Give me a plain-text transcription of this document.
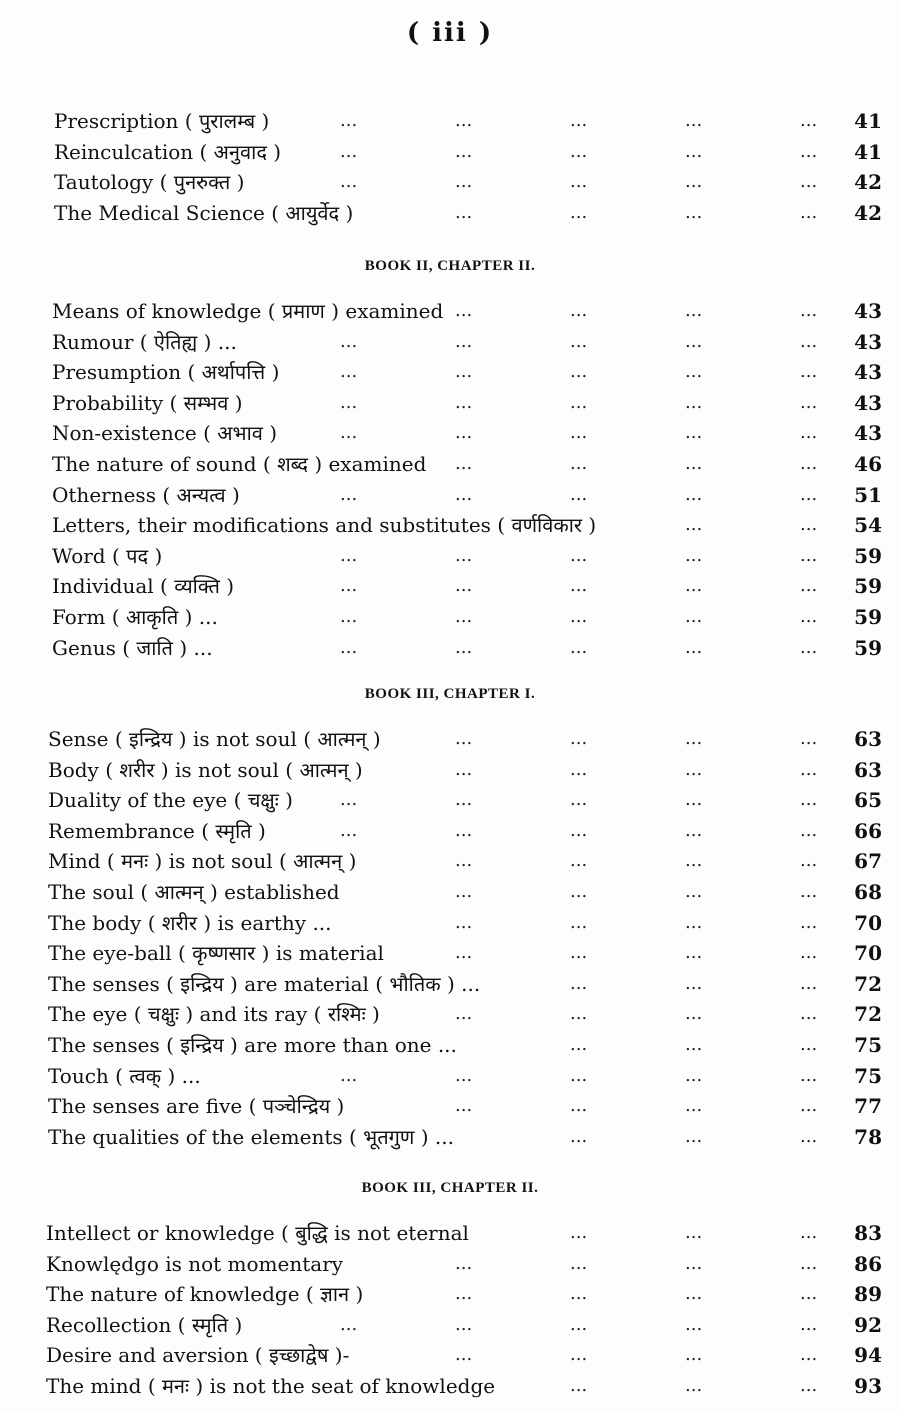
( iii )
Prescription ( पुरालम्ब )	...	...	...	...	... 41
Reinculcation ( अनुवाद )	...	...	...	...	... 41
Tautology ( पुनरुक्त )	...	...	...	...	... 42
The Medical Science ( आयुर्वेद )	...	...	...	... 42
BOOK II, CHAPTER II.
Means of knowledge ( प्रमाण ) examined ...	...	...	... 43
Rumour ( ऐतिह्य ) ...	...	...	...	...	... 43
Presumption ( अर्थापत्ति )	...	...	...	...	... 43
Probability ( सम्भव )	...	...	...	...	... 43
Non-existence ( अभाव )	...	...	...	...	... 43
The nature of sound ( शब्द ) examined ...	...	...	... 46
Otherness ( अन्यत्व )	...	...	...	...	... 51
Letters, their modifications and substitutes ( वर्णविकार )	...	... 54
Word ( पद )	...	...	...	...	... 59
Individual ( व्यक्ति )	...	...	...	...	... 59
Form ( आकृति ) ...	...	...	...	...	... 59
Genus ( जाति ) ...	...	...	...	...	... 59
BOOK III, CHAPTER I.
Sense ( इन्द्रिय ) is not soul ( आत्मन् )	...	...	...	... 63
Body ( शरीर ) is not soul ( आत्मन् )	...	...	...	... 63
Duality of the eye ( चक्षुः )	...	...	...	...	... 65
Remembrance ( स्मृति )	...	...	...	...	... 66
Mind ( मनः ) is not soul ( आत्मन् )	...	...	...	... 67
The soul ( आत्मन् ) established	...	...	...	... 68
The body ( शरीर ) is earthy ...	...	...	...	... 70
The eye-ball ( कृष्णसार ) is material	...	...	...	... 70
The senses ( इन्द्रिय ) are material ( भौतिक ) ...	...	...	... 72
The eye ( चक्षुः ) and its ray ( रश्मिः )	...	...	...	... 72
The senses ( इन्द्रिय ) are more than one ...	...	...	... 75
Touch ( त्वक् ) ...	...	...	...	...	... 75
The senses are five ( पञ्चेन्द्रिय )	...	...	...	... 77
The qualities of the elements ( भूतगुण ) ...	...	...	... 78
BOOK III, CHAPTER II.
Intellect or knowledge ( बुद्धि is not eternal	...	...	... 83
Knowlędgo is not momentary	...	...	...	... 86
The nature of knowledge ( ज्ञान )	...	...	...	... 89
Recollection ( स्मृति )	...	...	...	...	... 92
Desire and aversion ( इच्छाद्वेष )-	...	...	...	... 94
The mind ( मनः ) is not the seat of knowledge	...	...	... 93
